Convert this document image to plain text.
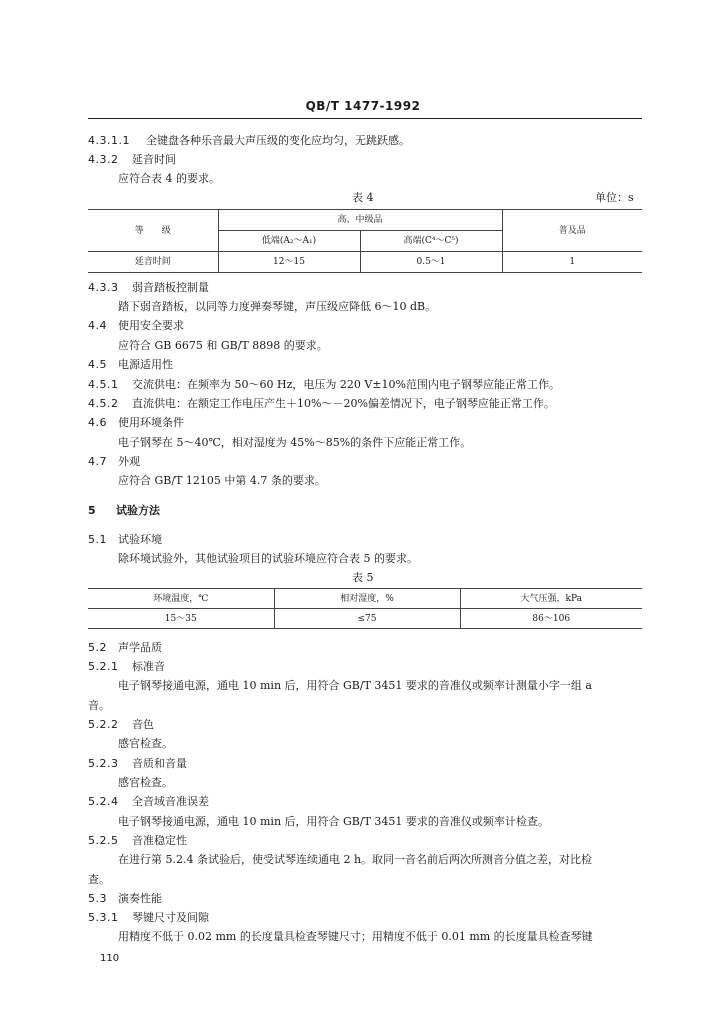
QB/T 1477-1992
4.3.1.1 全键盘各种乐音最大声压级的变化应均匀，无跳跃感。
4.3.2 延音时间
应符合表 4 的要求。
表 4	单位：s
等　　级	高、中级品		普及品
	低端(A₂～A₁)	高端(C⁴～C⁵)	
延音时间	12～15	0.5～1	1
4.3.3 弱音踏板控制量
踏下弱音踏板，以同等力度弹奏琴键，声压级应降低 6～10 dB。
4.4 使用安全要求
应符合 GB 6675 和 GB/T 8898 的要求。
4.5 电源适用性
4.5.1 交流供电：在频率为 50～60 Hz，电压为 220 V±10%范围内电子钢琴应能正常工作。
4.5.2 直流供电：在额定工作电压产生＋10%～－20%偏差情况下，电子钢琴应能正常工作。
4.6 使用环境条件
电子钢琴在 5～40℃，相对湿度为 45%～85%的条件下应能正常工作。
4.7 外观
应符合 GB/T 12105 中第 4.7 条的要求。
5 试验方法
5.1 试验环境
除环境试验外，其他试验项目的试验环境应符合表 5 的要求。
表 5
环境温度，℃	相对湿度，%	大气压强，kPa
15～35	≤75	86～106
5.2 声学品质
5.2.1 标准音
电子钢琴接通电源，通电 10 min 后，用符合 GB/T 3451 要求的音准仪或频率计测量小字一组 a
音。
5.2.2 音色
感官检查。
5.2.3 音质和音量
感官检查。
5.2.4 全音域音准误差
电子钢琴接通电源，通电 10 min 后，用符合 GB/T 3451 要求的音准仪或频率计检查。
5.2.5 音准稳定性
在进行第 5.2.4 条试验后，使受试琴连续通电 2 h。取同一音名前后两次所测音分值之差，对比检
查。
5.3 演奏性能
5.3.1 琴键尺寸及间隙
用精度不低于 0.02 mm 的长度量具检查琴键尺寸；用精度不低于 0.01 mm 的长度量具检查琴键
110
